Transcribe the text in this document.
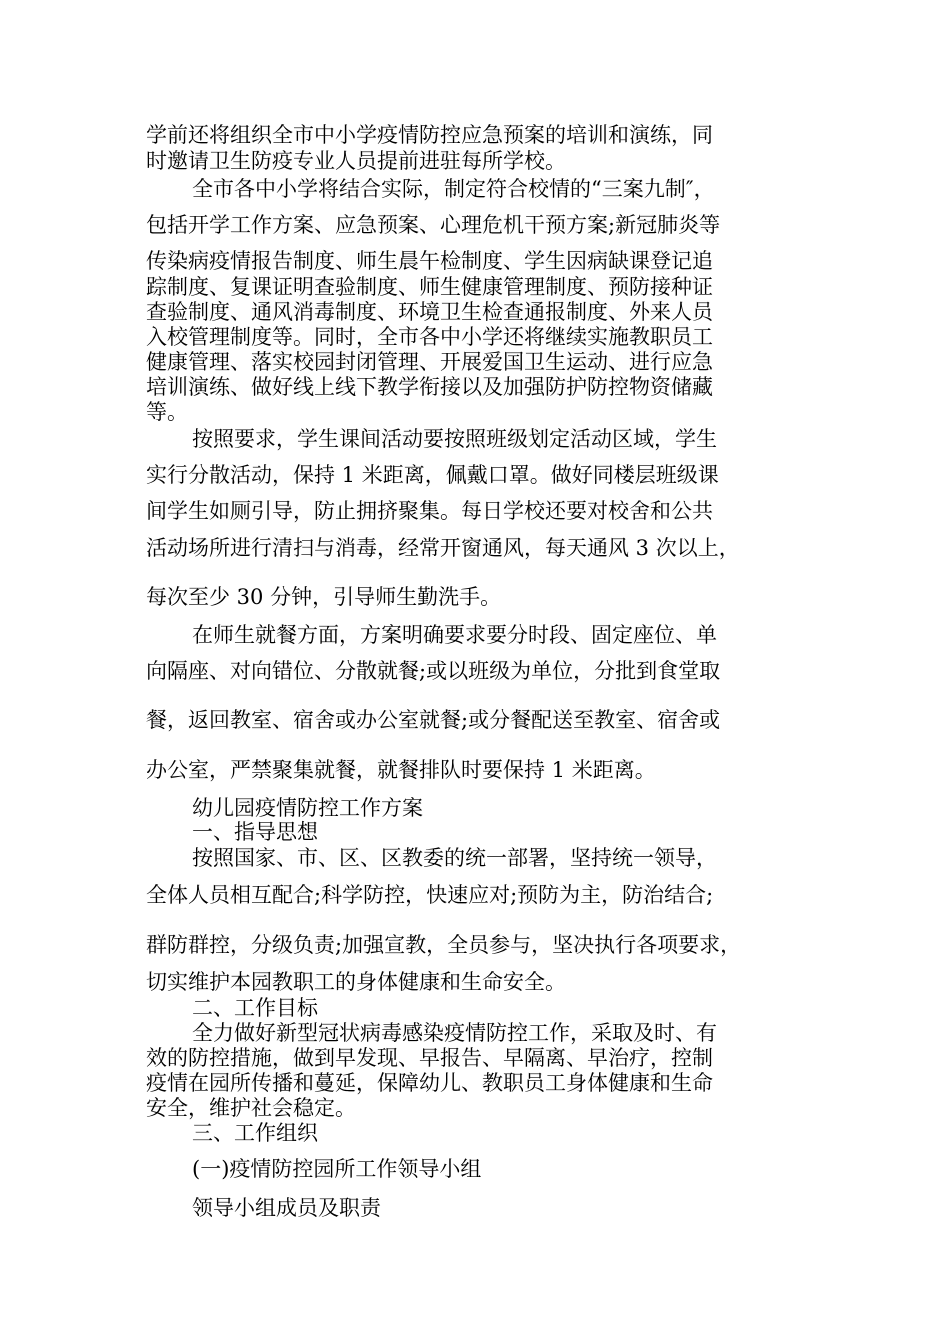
学前还将组织全市中小学疫情防控应急预案的培训和演练，同

时邀请卫生防疫专业人员提前进驻每所学校。

全市各中小学将结合实际，制定符合校情的“三案九制″，

包括开学工作方案、应急预案、心理危机干预方案;新冠肺炎等

传染病疫情报告制度、师生晨午检制度、学生因病缺课登记追

踪制度、复课证明查验制度、师生健康管理制度、预防接种证

查验制度、通风消毒制度、环境卫生检查通报制度、外来人员

入校管理制度等。同时，全市各中小学还将继续实施教职员工

健康管理、落实校园封闭管理、开展爱国卫生运动、进行应急

培训演练、做好线上线下教学衔接以及加强防护防控物资储藏

等。

按照要求，学生课间活动要按照班级划定活动区域，学生

实行分散活动，保持 1 米距离，佩戴口罩。做好同楼层班级课

间学生如厕引导，防止拥挤聚集。每日学校还要对校舍和公共

活动场所进行清扫与消毒，经常开窗通风，每天通风 3 次以上，

每次至少 30 分钟，引导师生勤洗手。

在师生就餐方面，方案明确要求要分时段、固定座位、单

向隔座、对向错位、分散就餐;或以班级为单位，分批到食堂取

餐，返回教室、宿舍或办公室就餐;或分餐配送至教室、宿舍或

办公室，严禁聚集就餐，就餐排队时要保持 1 米距离。

幼儿园疫情防控工作方案

一、指导思想

按照国家、市、区、区教委的统一部署，坚持统一领导，

全体人员相互配合;科学防控，快速应对;预防为主，防治结合;

群防群控，分级负责;加强宣教，全员参与，坚决执行各项要求，

切实维护本园教职工的身体健康和生命安全。

二、工作目标

全力做好新型冠状病毒感染疫情防控工作，采取及时、有

效的防控措施，做到早发现、早报告、早隔离、早治疗，控制

疫情在园所传播和蔓延，保障幼儿、教职员工身体健康和生命

安全，维护社会稳定。

三、工作组织

(一)疫情防控园所工作领导小组

领导小组成员及职责
